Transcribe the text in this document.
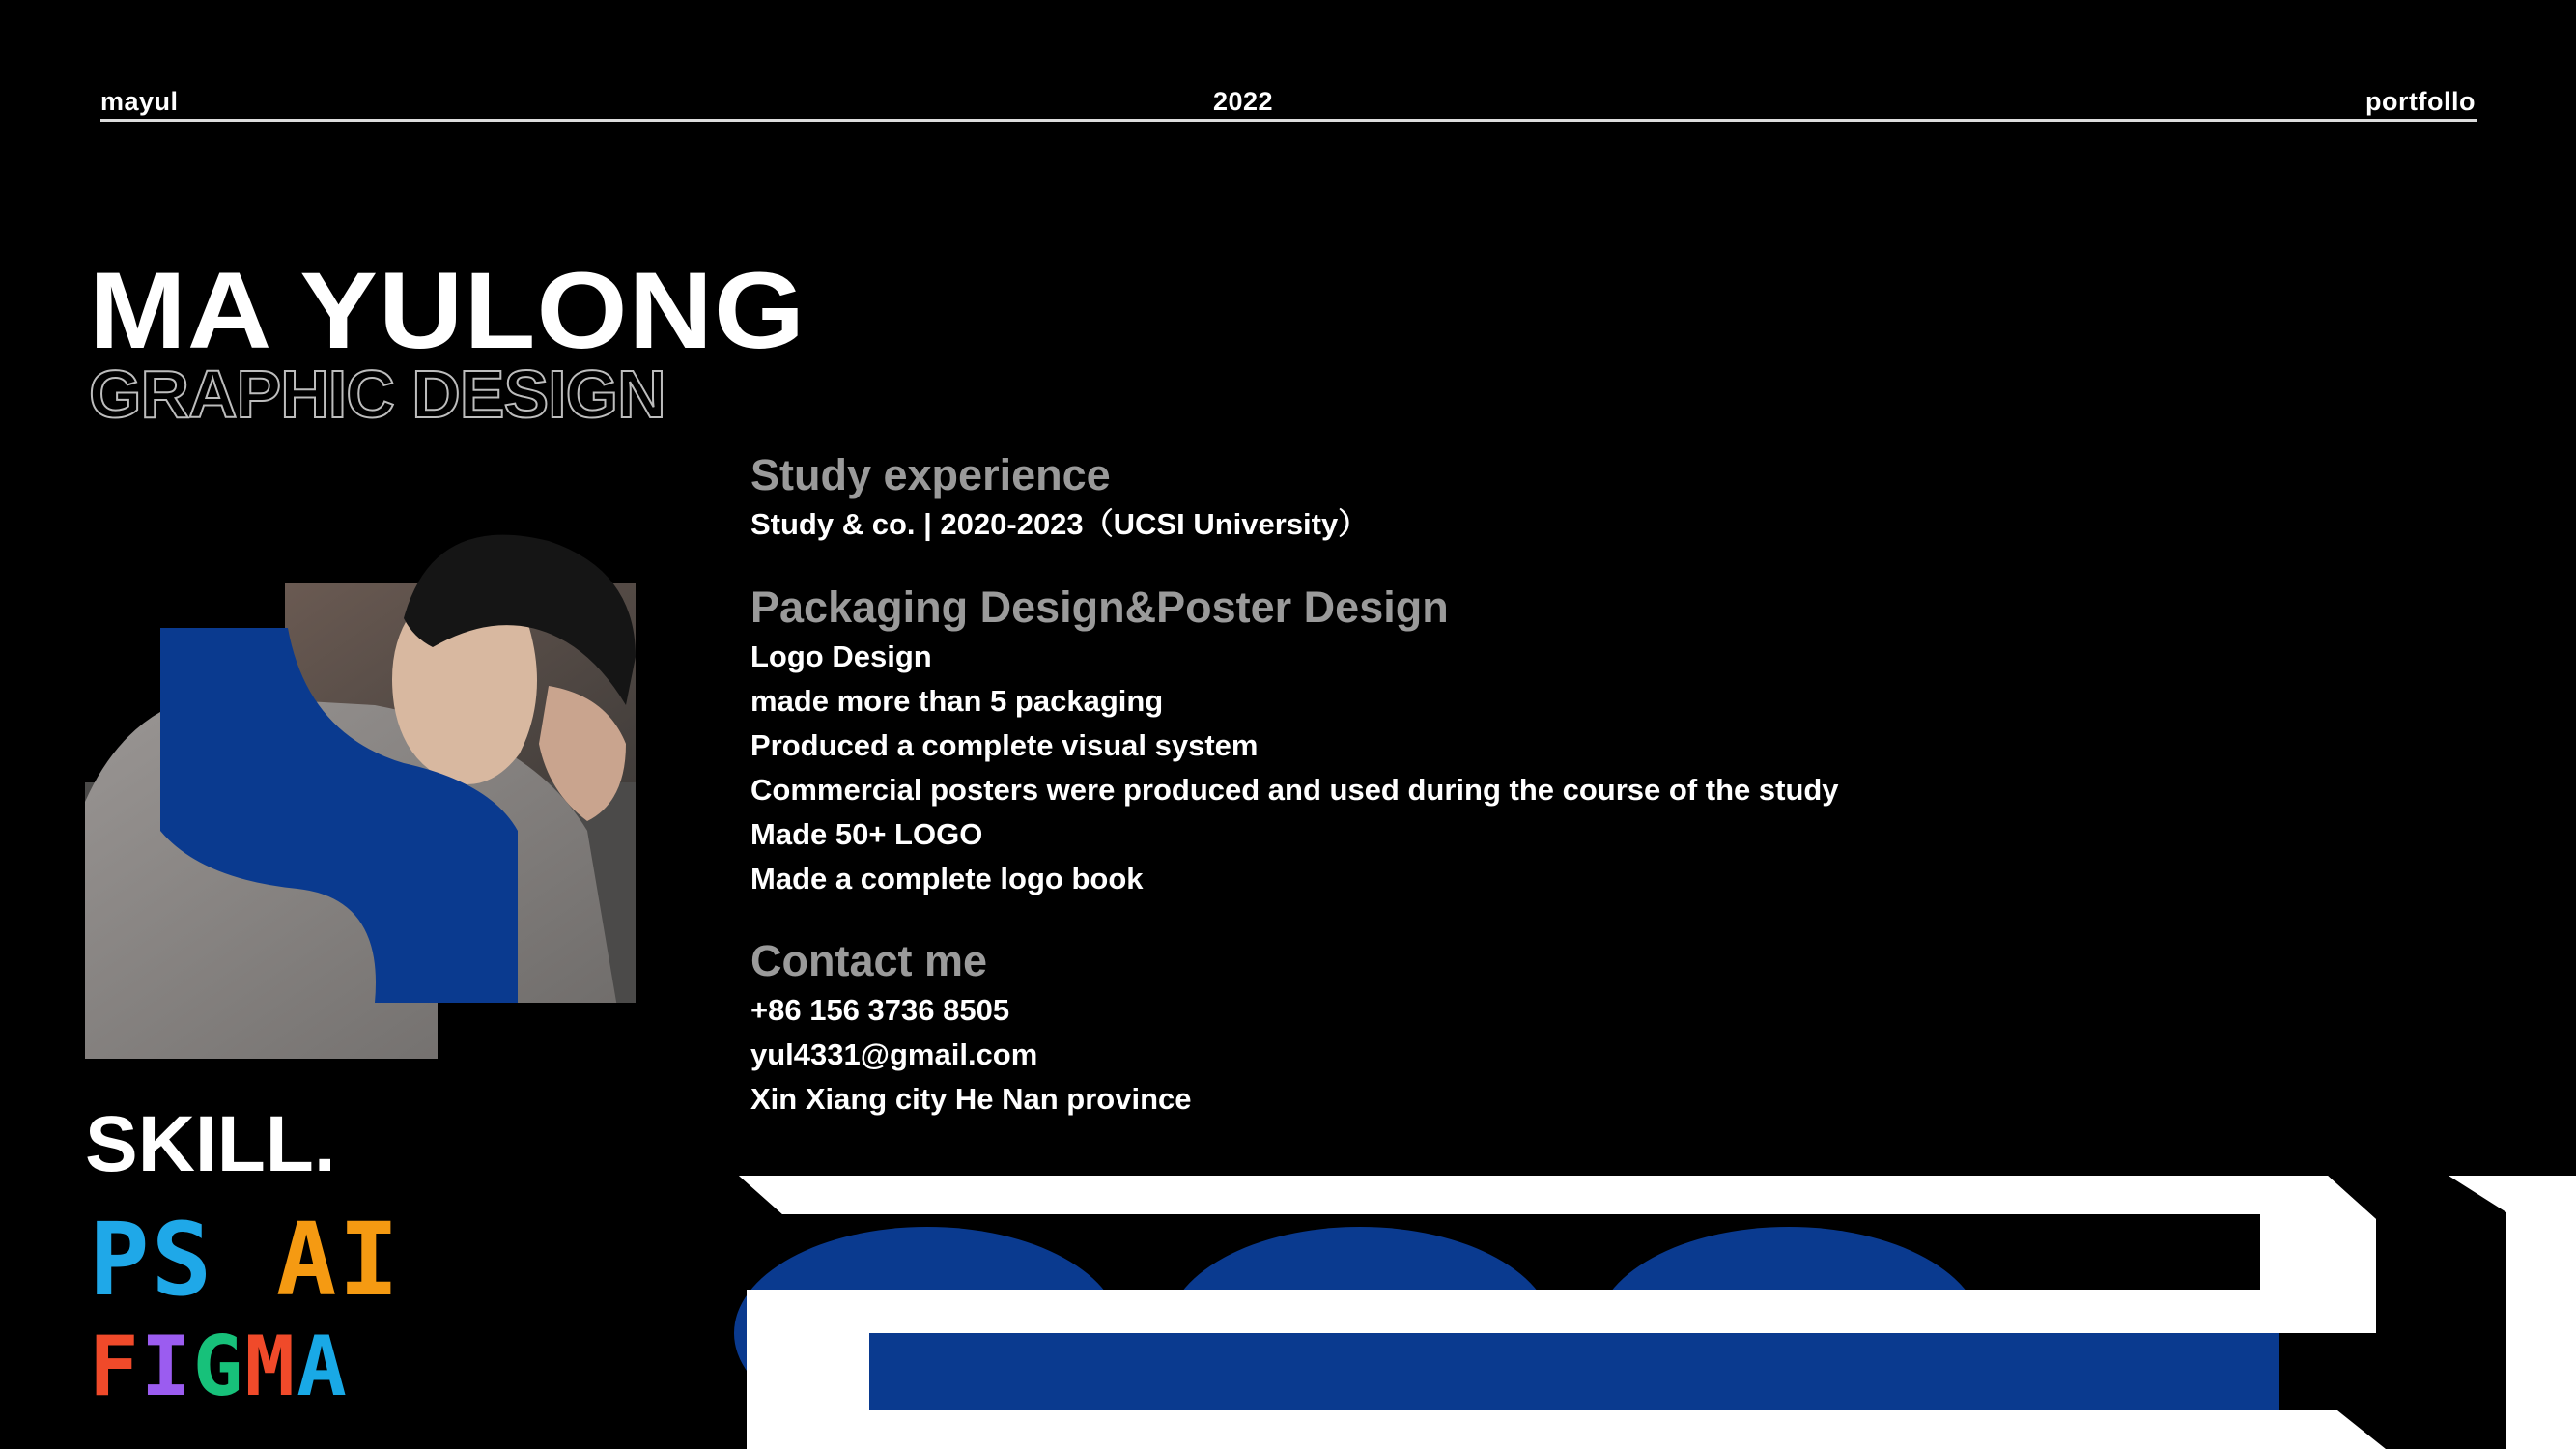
mayul	2022	portfollo
MA YULONG
GRAPHIC DESIGN
Study experience
Study & co. | 2020-2023（UCSI University）
Packaging Design&Poster Design
Logo Design
made more than 5 packaging
Produced a complete visual system
Commercial posters were produced and used during the course of the study
Made 50+ LOGO
Made a complete logo book
Contact me
+86 156 3736 8505
yul4331@gmail.com
Xin Xiang city He Nan province
SKILL.
PS AI
FIGMA
